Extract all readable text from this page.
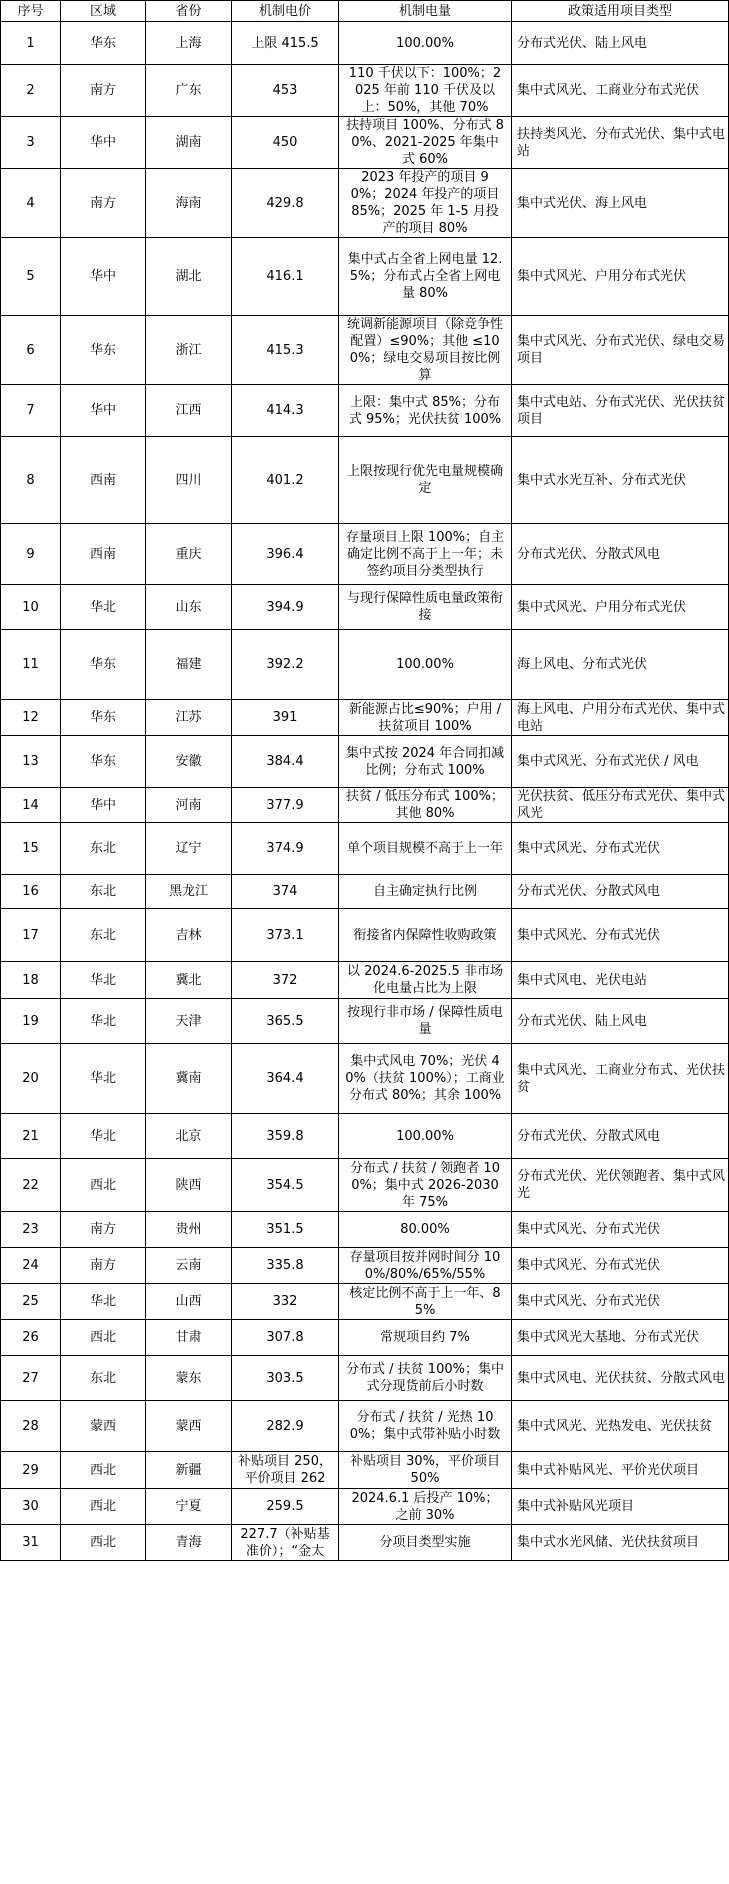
序号	区域	省份	机制电价	机制电量	政策适用项目类型
1	华东	上海	上限 415.5	100.00%	分布式光伏、陆上风电
2	南方	广东	453	110 千伏以下：100%；2025 年前 110 千伏及以上：50%，其他 70%	集中式风光、工商业分布式光伏
3	华中	湖南	450	扶持项目 100%、分布式 80%、2021-2025 年集中式 60%	扶持类风光、分布式光伏、集中式电站
4	南方	海南	429.8	2023 年投产的项目 90%；2024 年投产的项目 85%；2025 年 1-5 月投产的项目 80%	集中式光伏、海上风电
5	华中	湖北	416.1	集中式占全省上网电量 12.5%；分布式占全省上网电量 80%	集中式风光、户用分布式光伏
6	华东	浙江	415.3	统调新能源项目（除竞争性配置）≤90%；其他 ≤100%；绿电交易项目按比例算	集中式风光、分布式光伏、绿电交易项目
7	华中	江西	414.3	上限：集中式 85%；分布式 95%；光伏扶贫 100%	集中式电站、分布式光伏、光伏扶贫项目
8	西南	四川	401.2	上限按现行优先电量规模确定	集中式水光互补、分布式光伏
9	西南	重庆	396.4	存量项目上限 100%；自主确定比例不高于上一年；未签约项目分类型执行	分布式光伏、分散式风电
10	华北	山东	394.9	与现行保障性质电量政策衔接	集中式风光、户用分布式光伏
11	华东	福建	392.2	100.00%	海上风电、分布式光伏
12	华东	江苏	391	新能源占比≤90%；户用 / 扶贫项目 100%	海上风电、户用分布式光伏、集中式电站
13	华东	安徽	384.4	集中式按 2024 年合同扣减比例；分布式 100%	集中式风光、分布式光伏 / 风电
14	华中	河南	377.9	扶贫 / 低压分布式 100%；其他 80%	光伏扶贫、低压分布式光伏、集中式风光
15	东北	辽宁	374.9	单个项目规模不高于上一年	集中式风光、分布式光伏
16	东北	黑龙江	374	自主确定执行比例	分布式光伏、分散式风电
17	东北	吉林	373.1	衔接省内保障性收购政策	集中式风光、分布式光伏
18	华北	冀北	372	以 2024.6-2025.5 非市场化电量占比为上限	集中式风电、光伏电站
19	华北	天津	365.5	按现行非市场 / 保障性质电量	分布式光伏、陆上风电
20	华北	冀南	364.4	集中式风电 70%；光伏 40%（扶贫 100%）；工商业分布式 80%；其余 100%	集中式风光、工商业分布式、光伏扶贫
21	华北	北京	359.8	100.00%	分布式光伏、分散式风电
22	西北	陕西	354.5	分布式 / 扶贫 / 领跑者 100%；集中式 2026-2030 年 75%	分布式光伏、光伏领跑者、集中式风光
23	南方	贵州	351.5	80.00%	集中式风光、分布式光伏
24	南方	云南	335.8	存量项目按并网时间分 100%/80%/65%/55%	集中式风光、分布式光伏
25	华北	山西	332	核定比例不高于上一年、85%	集中式风光、分布式光伏
26	西北	甘肃	307.8	常规项目约 7%	集中式风光大基地、分布式光伏
27	东北	蒙东	303.5	分布式 / 扶贫 100%；集中式分现货前后小时数	集中式风电、光伏扶贫、分散式风电
28	蒙西	蒙西	282.9	分布式 / 扶贫 / 光热 100%；集中式带补贴小时数	集中式风光、光热发电、光伏扶贫
29	西北	新疆	补贴项目 250，平价项目 262	补贴项目 30%，平价项目 50%	集中式补贴风光、平价光伏项目
30	西北	宁夏	259.5	2024.6.1 后投产 10%；之前 30%	集中式补贴风光项目
31	西北	青海	227.7（补贴基准价）；“金太	分项目类型实施	集中式水光风储、光伏扶贫项目
